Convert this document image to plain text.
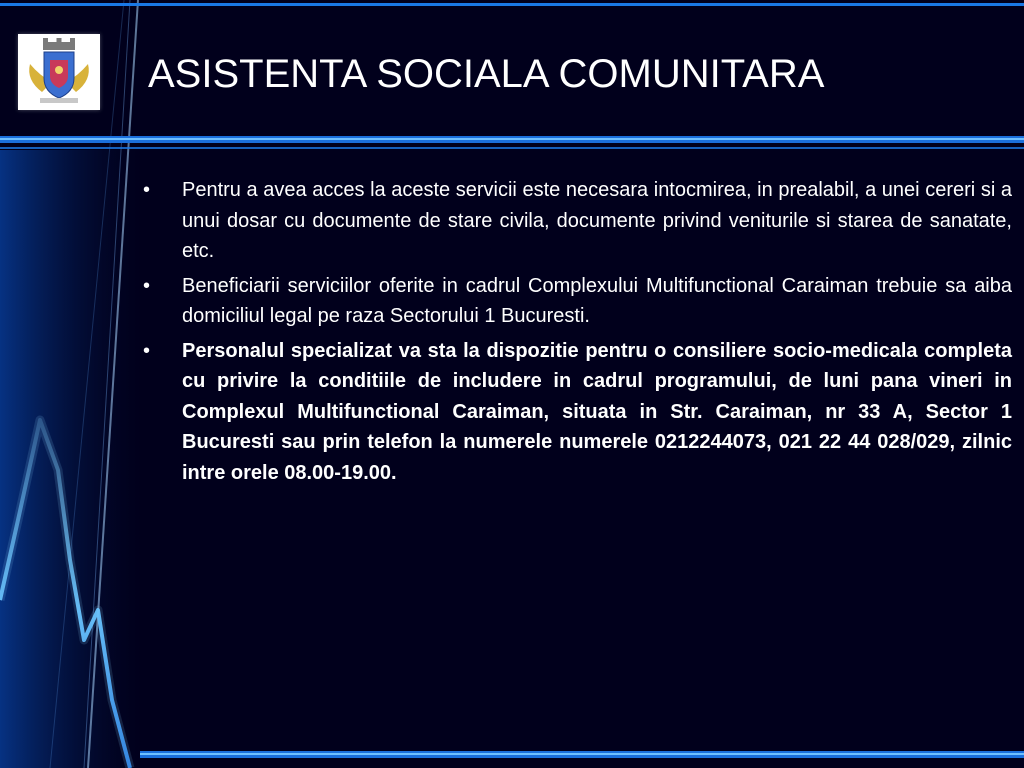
ASISTENTA SOCIALA COMUNITARA
• Pentru a avea acces la aceste servicii este necesara intocmirea, in prealabil, a unei cereri si a unui dosar cu documente de stare civila, documente privind veniturile si starea de sanatate, etc.
• Beneficiarii serviciilor oferite in cadrul Complexului Multifunctional Caraiman trebuie sa aiba domiciliul legal pe raza Sectorului 1 Bucuresti.
• Personalul specializat va sta la dispozitie pentru o consiliere socio-medicala completa cu privire la conditiile de includere in cadrul programului, de luni pana vineri in Complexul Multifunctional Caraiman, situata in Str. Caraiman, nr 33 A, Sector 1 Bucuresti sau prin telefon la numerele numerele 0212244073, 021 22 44 028/029, zilnic intre orele 08.00-19.00.
